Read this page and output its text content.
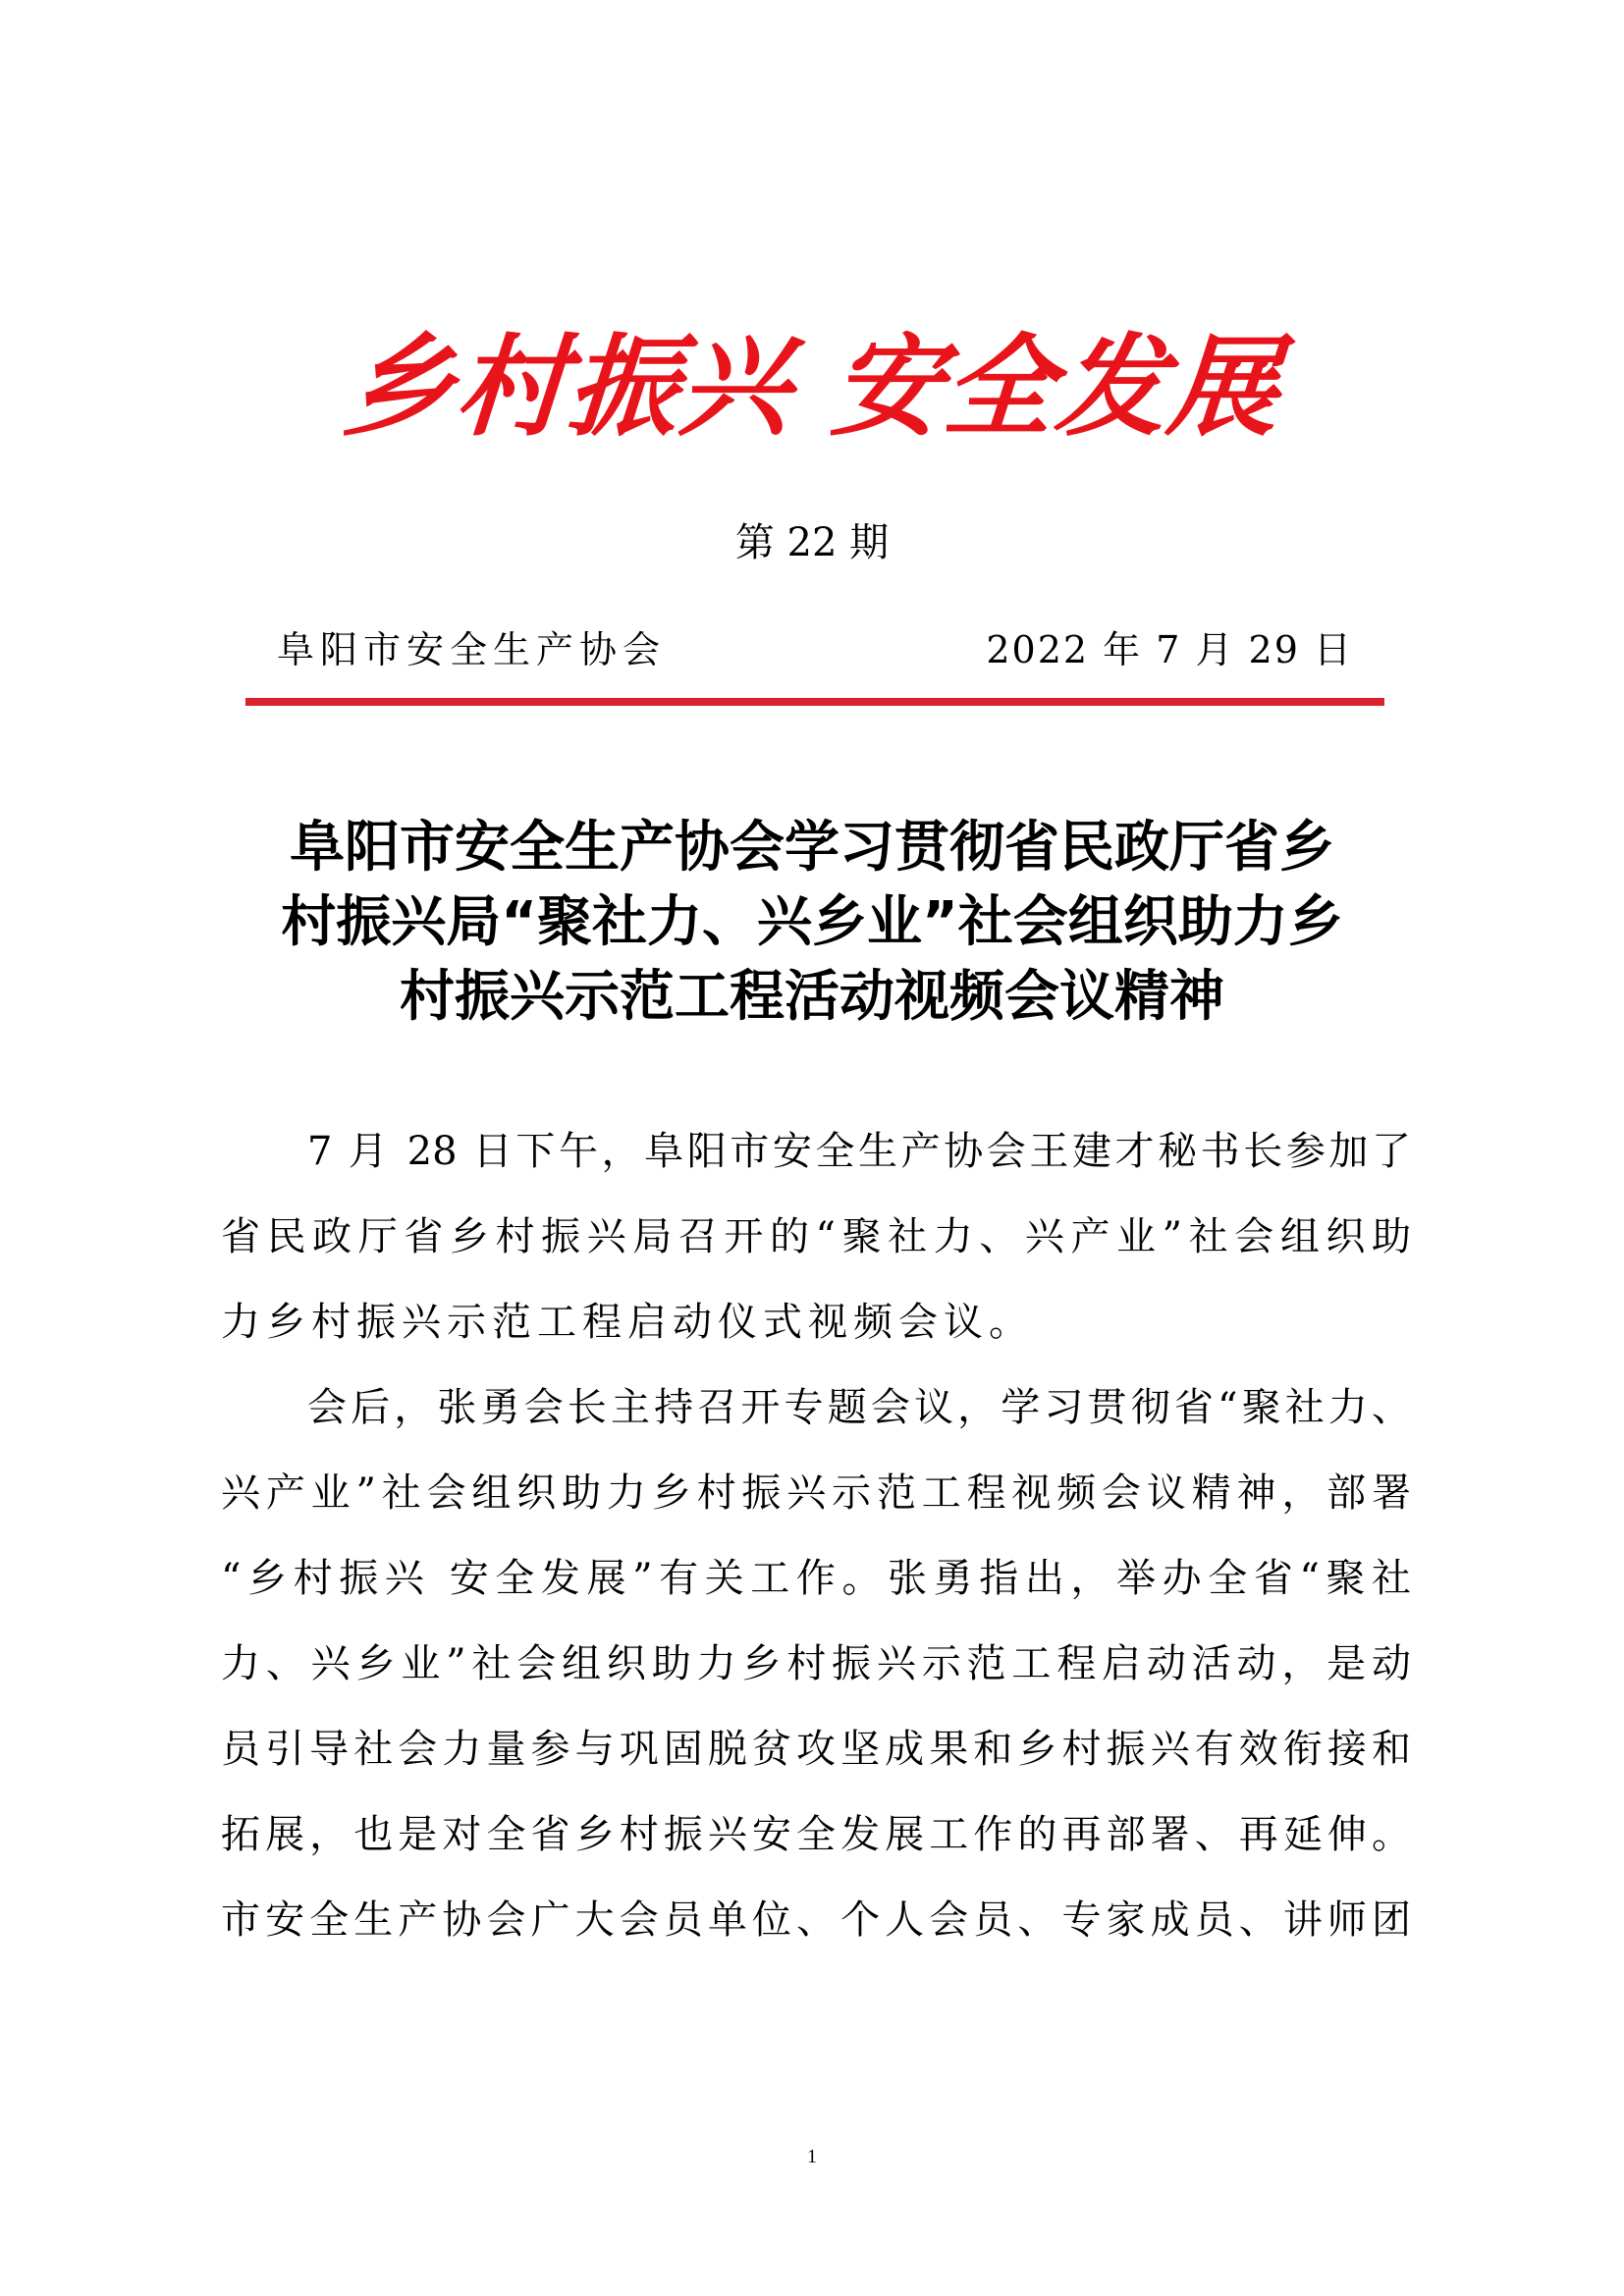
乡村振兴 安全发展
第 22 期
阜阳市安全生产协会	2022 年 7 月 29 日
阜阳市安全生产协会学习贯彻省民政厅省乡
村振兴局“聚社力、兴乡业”社会组织助力乡
村振兴示范工程活动视频会议精神
7 月 28 日下午，阜阳市安全生产协会王建才秘书长参加了
省民政厅省乡村振兴局召开的“聚社力、兴产业”社会组织助
力乡村振兴示范工程启动仪式视频会议。
会后，张勇会长主持召开专题会议，学习贯彻省“聚社力、
兴产业”社会组织助力乡村振兴示范工程视频会议精神，部署
“乡村振兴 安全发展”有关工作。张勇指出，举办全省“聚社
力、兴乡业”社会组织助力乡村振兴示范工程启动活动，是动
员引导社会力量参与巩固脱贫攻坚成果和乡村振兴有效衔接和
拓展，也是对全省乡村振兴安全发展工作的再部署、再延伸。
市安全生产协会广大会员单位、个人会员、专家成员、讲师团
1
